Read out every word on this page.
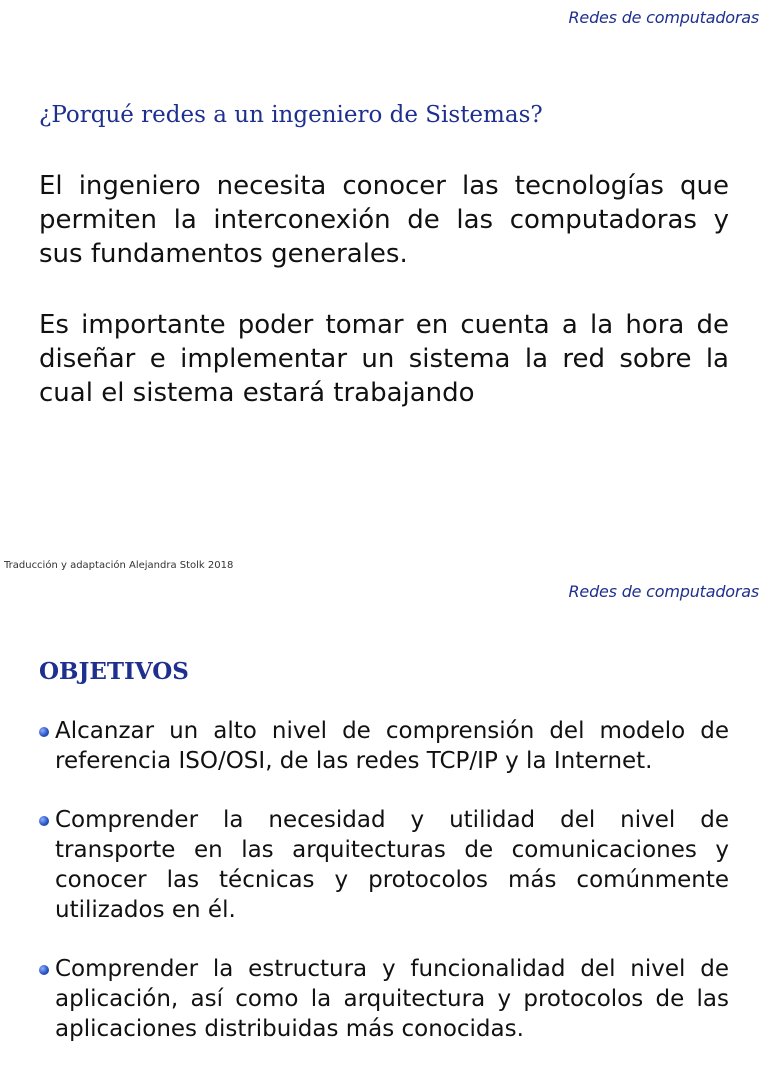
Redes de computadoras
¿Porqué redes a un ingeniero de Sistemas?

El ingeniero necesita conocer las tecnologías que permiten la interconexión de las computadoras y sus fundamentos generales.

Es importante poder tomar en cuenta a la hora de diseñar e implementar un sistema la red sobre la cual el sistema estará trabajando

Traducción y adaptación Alejandra Stolk 2018
Redes de computadoras
OBJETIVOS
Alcanzar un alto nivel de comprensión del modelo de referencia ISO/OSI, de las redes TCP/IP y la Internet.
Comprender la necesidad y utilidad del nivel de transporte en las arquitecturas de comunicaciones y conocer las técnicas y protocolos más comúnmente utilizados en él.
Comprender la estructura y funcionalidad del nivel de aplicación, así como la arquitectura y protocolos de las aplicaciones distribuidas más conocidas.
